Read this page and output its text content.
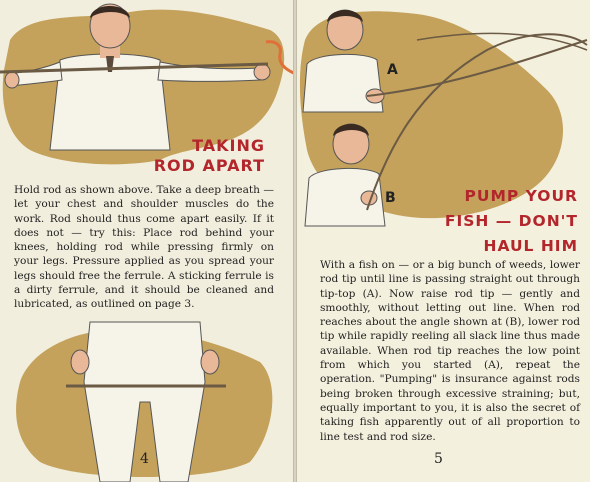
TAKING
ROD APART
Hold rod as shown above. Take a deep breath — let your chest and shoulder muscles do the work. Rod should thus come apart easily. If it does not — try this: Place rod behind your knees, holding rod while pressing firmly on your legs. Pressure applied as you spread your legs should free the ferrule. A sticking ferrule is a dirty ferrule, and it should be cleaned and lubricated, as outlined on page 3.
4
A
B	PUMP YOUR
FISH — DON'T
HAUL HIM
With a fish on — or a big bunch of weeds, lower rod tip until line is passing straight out through tip-top (A). Now raise rod tip — gently and smoothly, without letting out line. When rod reaches about the angle shown at (B), lower rod tip while rapidly reeling all slack line thus made available. When rod tip reaches the low point from which you started (A), repeat the operation. "Pumping" is insurance against rods being broken through excessive straining; but, equally important to you, it is also the secret of taking fish apparently out of all proportion to line test and rod size.
5
